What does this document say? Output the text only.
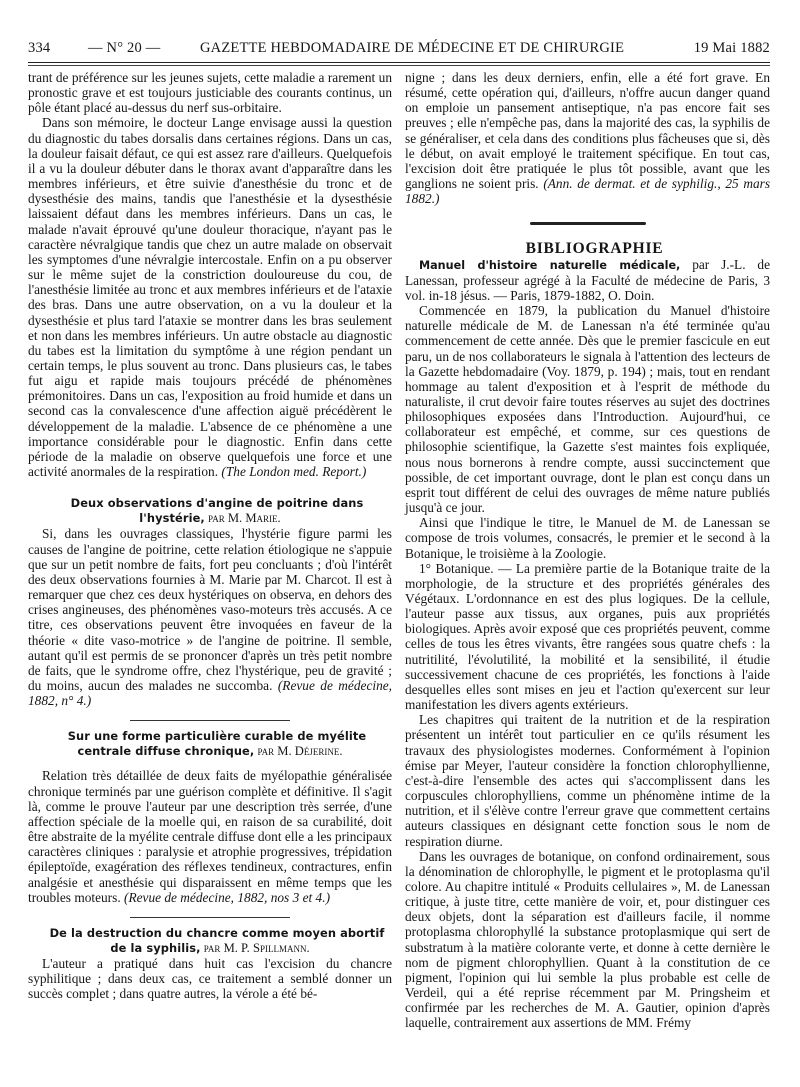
334	— N° 20 —	GAZETTE HEBDOMADAIRE DE MÉDECINE ET DE CHIRURGIE	19 Mai 1882

trant de préférence sur les jeunes sujets, cette maladie a rarement un pronostic grave et est toujours justiciable des courants continus, un pôle étant placé au-dessus du nerf sus-orbitaire.

Dans son mémoire, le docteur Lange envisage aussi la question du diagnostic du tabes dorsalis dans certaines régions. Dans un cas, la douleur faisait défaut, ce qui est assez rare d'ailleurs. Quelquefois il a vu la douleur débuter dans le thorax avant d'apparaître dans les membres inférieurs, et être suivie d'anesthésie du tronc et de dysesthésie des mains, tandis que l'anesthésie et la dysesthésie laissaient défaut dans les membres inférieurs. Dans un cas, le malade n'avait éprouvé qu'une douleur thoracique, n'ayant pas le caractère névralgique tandis que chez un autre malade on observait les symptomes d'une névralgie intercostale. Enfin on a pu observer sur le même sujet de la constriction douloureuse du cou, de l'anesthésie limitée au tronc et aux membres inférieurs et de l'ataxie des bras. Dans une autre observation, on a vu la douleur et la dysesthésie et plus tard l'ataxie se montrer dans les bras seulement et non dans les membres inférieurs. Un autre obstacle au diagnostic du tabes est la limitation du symptôme à une région pendant un certain temps, le plus souvent au tronc. Dans plusieurs cas, le tabes fut aigu et rapide mais toujours précédé de phénomènes prémonitoires. Dans un cas, l'exposition au froid humide et dans un second cas la convalescence d'une affection aiguë précédèrent le développement de la maladie. L'absence de ce phénomène a une importance considérable pour le diagnostic. Enfin dans cette période de la maladie on observe quelquefois une force et une activité anormales de la respiration. (The London med. Report.)

Deux observations d'angine de poitrine dans l'hystérie, par M. Marie.

Si, dans les ouvrages classiques, l'hystérie figure parmi les causes de l'angine de poitrine, cette relation étiologique ne s'appuie que sur un petit nombre de faits, fort peu concluants ; d'où l'intérêt des deux observations fournies à M. Marie par M. Charcot. Il est à remarquer que chez ces deux hystériques on observa, en dehors des crises angineuses, des phénomènes vaso-moteurs très accusés. A ce titre, ces observations peuvent être invoquées en faveur de la théorie « dite vaso-motrice » de l'angine de poitrine. Il semble, autant qu'il est permis de se prononcer d'après un très petit nombre de faits, que le syndrome offre, chez l'hystérique, peu de gravité ; du moins, aucun des malades ne succomba. (Revue de médecine, 1882, n° 4.)

Sur une forme particulière curable de myélite centrale diffuse chronique, par M. Déjerine.

Relation très détaillée de deux faits de myélopathie généralisée chronique terminés par une guérison complète et définitive. Il s'agit là, comme le prouve l'auteur par une description très serrée, d'une affection spéciale de la moelle qui, en raison de sa curabilité, doit être abstraite de la myélite centrale diffuse dont elle a les principaux caractères cliniques : paralysie et atrophie progressives, trépidation épileptoïde, exagération des réflexes tendineux, contractures, enfin analgésie et anesthésie qui disparaissent en même temps que les troubles moteurs. (Revue de médecine, 1882, nos 3 et 4.)

De la destruction du chancre comme moyen abortif de la syphilis, par M. P. Spillmann.

L'auteur a pratiqué dans huit cas l'excision du chancre syphilitique ; dans deux cas, ce traitement a semblé donner un succès complet ; dans quatre autres, la vérole a été bé-

nigne ; dans les deux derniers, enfin, elle a été fort grave. En résumé, cette opération qui, d'ailleurs, n'offre aucun danger quand on emploie un pansement antiseptique, n'a pas encore fait ses preuves ; elle n'empêche pas, dans la majorité des cas, la syphilis de se généraliser, et cela dans des conditions plus fâcheuses que si, dès le début, on avait employé le traitement spécifique. En tout cas, l'excision doit être pratiquée le plus tôt possible, avant que les ganglions ne soient pris. (Ann. de dermat. et de syphilig., 25 mars 1882.)

BIBLIOGRAPHIE

Manuel d'histoire naturelle médicale, par J.-L. de Lanessan, professeur agrégé à la Faculté de médecine de Paris, 3 vol. in-18 jésus. — Paris, 1879-1882, O. Doin.

Commencée en 1879, la publication du Manuel d'histoire naturelle médicale de M. de Lanessan n'a été terminée qu'au commencement de cette année. Dès que le premier fascicule en eut paru, un de nos collaborateurs le signala à l'attention des lecteurs de la Gazette hebdomadaire (Voy. 1879, p. 194) ; mais, tout en rendant hommage au talent d'exposition et à l'esprit de méthode du naturaliste, il crut devoir faire toutes réserves au sujet des doctrines philosophiques exposées dans l'Introduction. Aujourd'hui, ce collaborateur est empêché, et comme, sur ces questions de philosophie scientifique, la Gazette s'est maintes fois expliquée, nous nous bornerons à rendre compte, aussi succinctement que possible, de cet important ouvrage, dont le plan est conçu dans un esprit tout différent de celui des ouvrages de même nature publiés jusqu'à ce jour.

Ainsi que l'indique le titre, le Manuel de M. de Lanessan se compose de trois volumes, consacrés, le premier et le second à la Botanique, le troisième à la Zoologie.

1° Botanique. — La première partie de la Botanique traite de la morphologie, de la structure et des propriétés générales des Végétaux. L'ordonnance en est des plus logiques. De la cellule, l'auteur passe aux tissus, aux organes, puis aux propriétés biologiques. Après avoir exposé que ces propriétés peuvent, comme celles de tous les êtres vivants, être rangées sous quatre chefs : la nutritilité, l'évolutilité, la mobilité et la sensibilité, il étudie successivement chacune de ces propriétés, les fonctions à l'aide desquelles elles sont mises en jeu et l'action qu'exercent sur leur manifestation les divers agents extérieurs.

Les chapitres qui traitent de la nutrition et de la respiration présentent un intérêt tout particulier en ce qu'ils résument les travaux des physiologistes modernes. Conformément à l'opinion émise par Meyer, l'auteur considère la fonction chlorophyllienne, c'est-à-dire l'ensemble des actes qui s'accomplissent dans les corpuscules chlorophylliens, comme un phénomène intime de la nutrition, et il s'élève contre l'erreur grave que commettent certains auteurs classiques en désignant cette fonction sous le nom de respiration diurne.

Dans les ouvrages de botanique, on confond ordinairement, sous la dénomination de chlorophylle, le pigment et le protoplasma qu'il colore. Au chapitre intitulé « Produits cellulaires », M. de Lanessan critique, à juste titre, cette manière de voir, et, pour distinguer ces deux objets, dont la séparation est d'ailleurs facile, il nomme protoplasma chlorophyllé la substance protoplasmique qui sert de substratum à la matière colorante verte, et donne à cette dernière le nom de pigment chlorophyllien. Quant à la constitution de ce pigment, l'opinion qui lui semble la plus probable est celle de Verdeil, qui a été reprise récemment par M. Pringsheim et confirmée par les recherches de M. A. Gautier, opinion d'après laquelle, contrairement aux assertions de MM. Frémy
